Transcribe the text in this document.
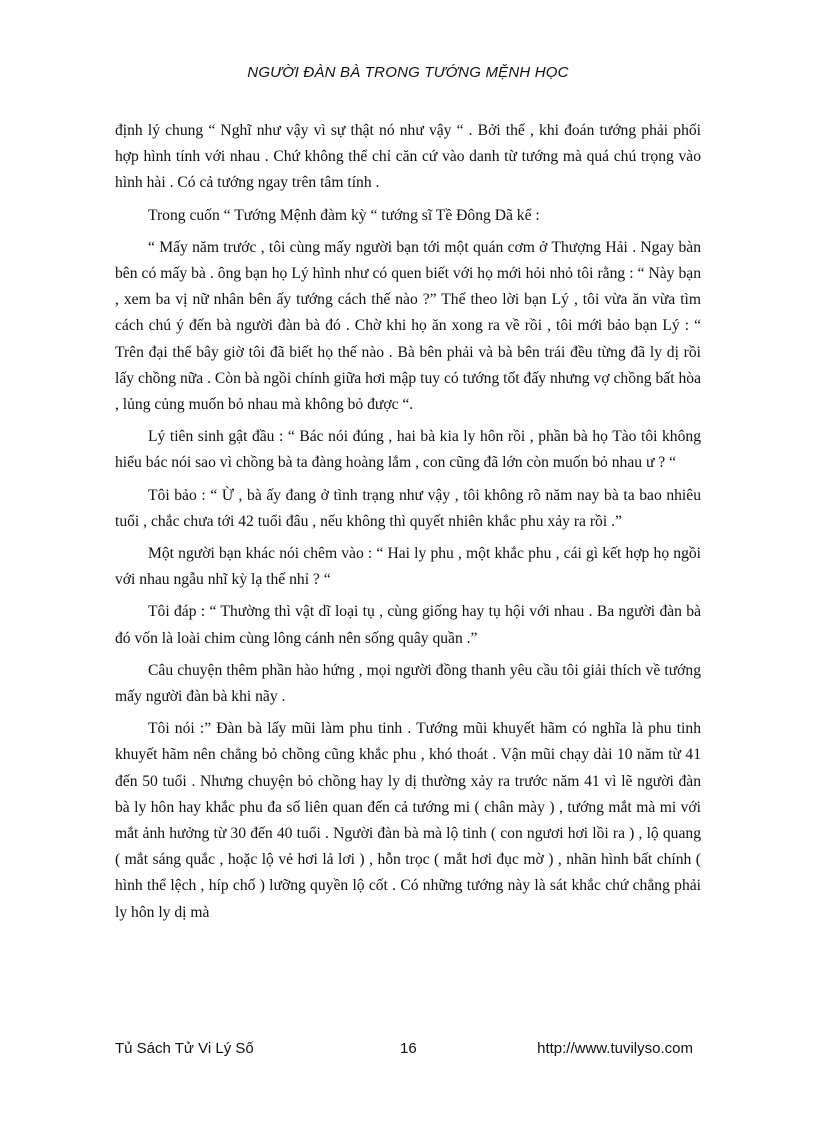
NGƯỜI ĐÀN BÀ TRONG TƯỚNG MỆNH HỌC

định lý chung “ Nghĩ như vậy vì sự thật nó như vậy “ . Bởi thế , khi đoán tướng phải phối hợp hình tính với nhau . Chứ không thể chỉ căn cứ vào danh từ tướng mà quá chú trọng vào hình hài . Có cả tướng ngay trên tâm tính .

Trong cuốn “ Tướng Mệnh đàm kỳ “ tướng sĩ Tề Đông Dã kể :

“ Mấy năm trước , tôi cùng mấy người bạn tới một quán cơm ở Thượng Hải . Ngay bàn bên có mấy bà . ông bạn họ Lý hình như có quen biết với họ mới hỏi nhỏ tôi rằng : “ Này bạn , xem ba vị nữ nhân bên ấy tướng cách thế nào ?” Thế theo lời bạn Lý , tôi vừa ăn vừa tìm cách chú ý đến bà người đàn bà đó . Chờ khi họ ăn xong ra về rồi , tôi mới bảo bạn Lý : “ Trên đại thể bây giờ tôi đã biết họ thế nào . Bà bên phải và bà bên trái đều từng đã ly dị rồi lấy chồng nữa . Còn bà ngồi chính giữa hơi mập tuy có tướng tốt đấy nhưng vợ chồng bất hòa , lủng củng muốn bỏ nhau mà không bỏ được “.

Lý tiên sinh gật đầu : “ Bác nói đúng , hai bà kia ly hôn rồi , phần bà họ Tào tôi không hiểu bác nói sao vì chồng bà ta đàng hoàng lắm , con cũng đã lớn còn muốn bỏ nhau ư ? “

Tôi bảo : “ Ừ , bà ấy đang ở tình trạng như vậy , tôi không rõ năm nay bà ta bao nhiêu tuổi , chắc chưa tới 42 tuổi đâu , nếu không thì quyết nhiên khắc phu xảy ra rồi .”

Một người bạn khác nói chêm vào : “ Hai ly phu , một khắc phu , cái gì kết hợp họ ngồi với nhau ngẫu nhĩ kỳ lạ thế nhỉ ? “

Tôi đáp : “ Thường thì vật dĩ loại tụ , cùng giống hay tụ hội với nhau . Ba người đàn bà đó vốn là loài chim cùng lông cánh nên sống quây quần .”

Câu chuyện thêm phần hào hứng , mọi người đồng thanh yêu cầu tôi giải thích về tướng mấy người đàn bà khi nãy .

Tôi nói :” Đàn bà lấy mũi làm phu tinh . Tướng mũi khuyết hãm có nghĩa là phu tinh khuyết hãm nên chẳng bỏ chồng cũng khắc phu , khó thoát . Vận mũi chạy dài 10 năm từ 41 đến 50 tuổi . Nhưng chuyện bỏ chồng hay ly dị thường xảy ra trước năm 41 vì lẽ người đàn bà ly hôn hay khắc phu đa số liên quan đến cả tướng mi ( chân mày ) , tướng mắt mà mi với mắt ảnh hưởng từ 30 đến 40 tuổi . Người đàn bà mà lộ tinh ( con ngươi hơi lồi ra ) , lộ quang ( mắt sáng quắc , hoặc lộ vẻ hơi lả lơi ) , hỗn trọc ( mắt hơi đục mờ ) , nhãn hình bất chính ( hình thể lệch , híp chố ) lưỡng quyền lộ cốt . Có những tướng này là sát khắc chứ chẳng phải ly hôn ly dị mà

Tủ Sách Tử Vi Lý Số	16	http://www.tuvilyso.com
